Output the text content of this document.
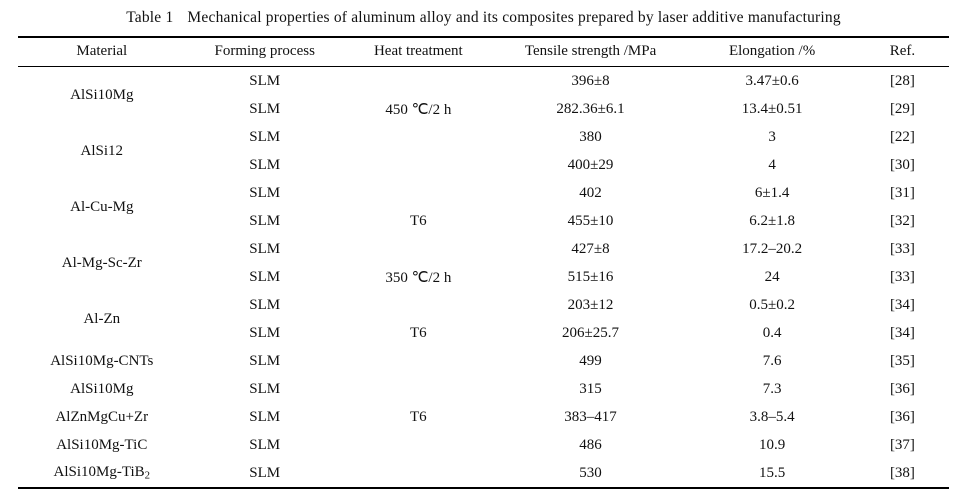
Table 1 Mechanical properties of aluminum alloy and its composites prepared by laser additive manufacturing
Material	Forming process	Heat treatment	Tensile strength /MPa	Elongation /%	Ref.
AlSi10Mg	SLM		396±8	3.47±0.6	[28]
	SLM	450 ℃/2 h	282.36±6.1	13.4±0.51	[29]
AlSi12	SLM		380	3	[22]
	SLM		400±29	4	[30]
Al-Cu-Mg	SLM		402	6±1.4	[31]
	SLM	T6	455±10	6.2±1.8	[32]
Al-Mg-Sc-Zr	SLM		427±8	17.2–20.2	[33]
	SLM	350 ℃/2 h	515±16	24	[33]
Al-Zn	SLM		203±12	0.5±0.2	[34]
	SLM	T6	206±25.7	0.4	[34]
AlSi10Mg-CNTs	SLM		499	7.6	[35]
AlSi10Mg	SLM		315	7.3	[36]
AlZnMgCu+Zr	SLM	T6	383–417	3.8–5.4	[36]
AlSi10Mg-TiC	SLM		486	10.9	[37]
AlSi10Mg-TiB$_2$	SLM		530	15.5	[38]
